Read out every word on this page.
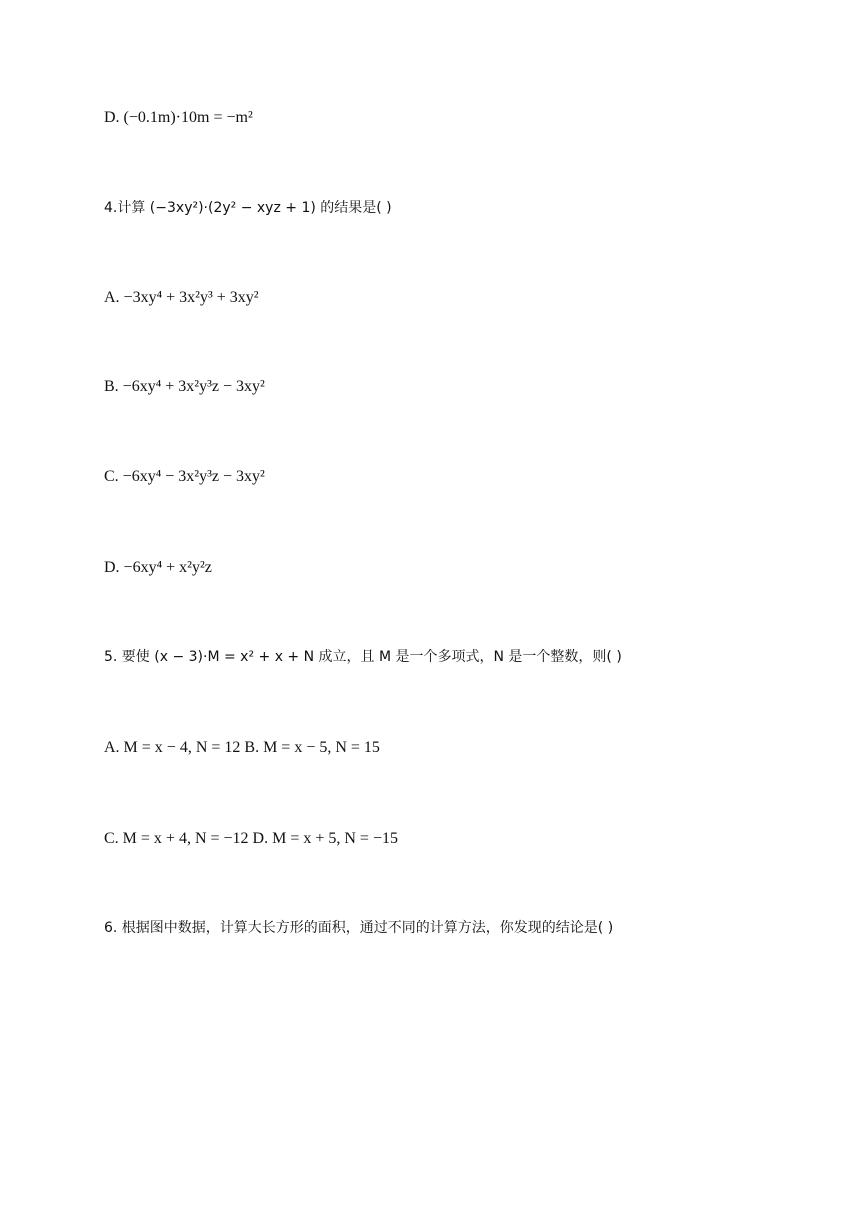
D. (−0.1m)·10m = −m²
4.计算 (−3xy²)·(2y² − xyz + 1) 的结果是( )
A. −3xy⁴ + 3x²y³ + 3xy²
B. −6xy⁴ + 3x²y³z − 3xy²
C. −6xy⁴ − 3x²y³z − 3xy²
D. −6xy⁴ + x²y²z
5. 要使 (x − 3)·M = x² + x + N 成立，且 M 是一个多项式，N 是一个整数，则( )
A. M = x − 4, N = 12 B. M = x − 5, N = 15
C. M = x + 4, N = −12 D. M = x + 5, N = −15
6. 根据图中数据，计算大长方形的面积，通过不同的计算方法，你发现的结论是( )
